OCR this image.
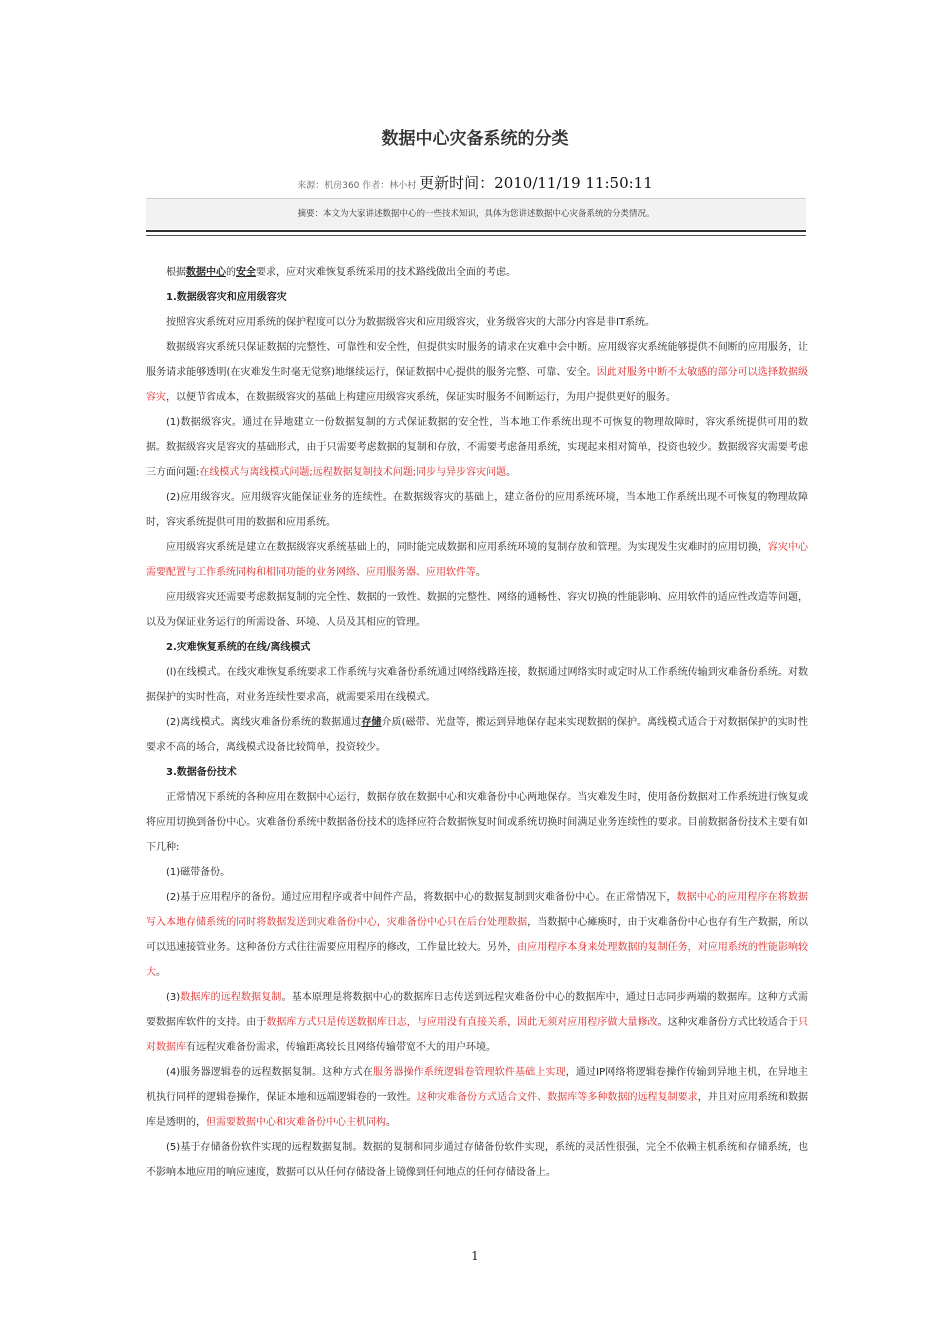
数据中心灾备系统的分类
来源：机房360 作者：林小村 更新时间：2010/11/19 11:50:11
摘要：本文为大家讲述数据中心的一些技术知识，具体为您讲述数据中心灾备系统的分类情况。

根据数据中心的安全要求，应对灾难恢复系统采用的技术路线做出全面的考虑。

1.数据级容灾和应用级容灾

按照容灾系统对应用系统的保护程度可以分为数据级容灾和应用级容灾，业务级容灾的大部分内容是非IT系统。

数据级容灾系统只保证数据的完整性、可靠性和安全性，但提供实时服务的请求在灾难中会中断。应用级容灾系统能够提供不间断的应用服务，让服务请求能够透明(在灾难发生时毫无觉察)地继续运行，保证数据中心提供的服务完整、可靠、安全。因此对服务中断不太敏感的部分可以选择数据级容灾，以便节省成本，在数据级容灾的基础上构建应用级容灾系统，保证实时服务不间断运行，为用户提供更好的服务。

(1)数据级容灾。通过在异地建立一份数据复制的方式保证数据的安全性，当本地工作系统出现不可恢复的物理故障时，容灾系统提供可用的数据。数据级容灾是容灾的基础形式，由于只需要考虑数据的复制和存放，不需要考虑备用系统，实现起来相对简单，投资也较少。数据级容灾需要考虑三方面问题:在线模式与离线模式问题;远程数据复制技术问题;同步与异步容灾问题。

(2)应用级容灾。应用级容灾能保证业务的连续性。在数据级容灾的基础上，建立备份的应用系统环境，当本地工作系统出现不可恢复的物理故障时，容灾系统提供可用的数据和应用系统。

应用级容灾系统是建立在数据级容灾系统基础上的，同时能完成数据和应用系统环境的复制存放和管理。为实现发生灾难时的应用切换，容灾中心需要配置与工作系统同构和相同功能的业务网络、应用服务器、应用软件等。

应用级容灾还需要考虑数据复制的完全性、数据的一致性、数据的完整性、网络的通畅性、容灾切换的性能影响、应用软件的适应性改造等问题，以及为保证业务运行的所需设备、环境、人员及其相应的管理。

2.灾难恢复系统的在线/离线模式

(l)在线模式。在线灾难恢复系统要求工作系统与灾难备份系统通过网络线路连接，数据通过网络实时或定时从工作系统传输到灾难备份系统。对数据保护的实时性高，对业务连续性要求高，就需要采用在线模式。

(2)离线模式。离线灾难备份系统的数据通过存储介质(磁带、光盘等，搬运到异地保存起来实现数据的保护。离线模式适合于对数据保护的实时性要求不高的场合，离线模式设备比较简单，投资较少。

3.数据备份技术

正常情况下系统的各种应用在数据中心运行，数据存放在数据中心和灾难备份中心两地保存。当灾难发生时，使用备份数据对工作系统进行恢复或将应用切换到备份中心。灾难备份系统中数据备份技术的选择应符合数据恢复时间或系统切换时间满足业务连续性的要求。目前数据备份技术主要有如下几种:

(1)磁带备份。

(2)基于应用程序的备份。通过应用程序或者中间件产品，将数据中心的数据复制到灾难备份中心。在正常情况下，数据中心的应用程序在将数据写入本地存储系统的同时将数据发送到灾难备份中心，灾难备份中心只在后台处理数据，当数据中心瘫痪时，由于灾难备份中心也存有生产数据，所以可以迅速接管业务。这种备份方式往往需要应用程序的修改，工作量比较大。另外，由应用程序本身来处理数据的复制任务，对应用系统的性能影响较大。

(3)数据库的远程数据复制。基本原理是将数据中心的数据库日志传送到远程灾难备份中心的数据库中，通过日志同步两端的数据库。这种方式需要数据库软件的支持。由于数据库方式只是传送数据库日志，与应用没有直接关系，因此无须对应用程序做大量修改。这种灾难备份方式比较适合于只对数据库有远程灾难备份需求，传输距离较长且网络传输带宽不大的用户环境。

(4)服务器逻辑卷的远程数据复制。这种方式在服务器操作系统逻辑卷管理软件基础上实现，通过IP网络将逻辑卷操作传输到异地主机，在异地主机执行同样的逻辑卷操作，保证本地和远端逻辑卷的一致性。这种灾难备份方式适合文件、数据库等多种数据的远程复制要求，并且对应用系统和数据库是透明的，但需要数据中心和灾难备份中心主机同构。

(5)基于存储备份软件实现的远程数据复制。数据的复制和同步通过存储备份软件实现，系统的灵活性很强，完全不依赖主机系统和存储系统，也不影响本地应用的响应速度，数据可以从任何存储设备上镜像到任何地点的任何存储设备上。

1
